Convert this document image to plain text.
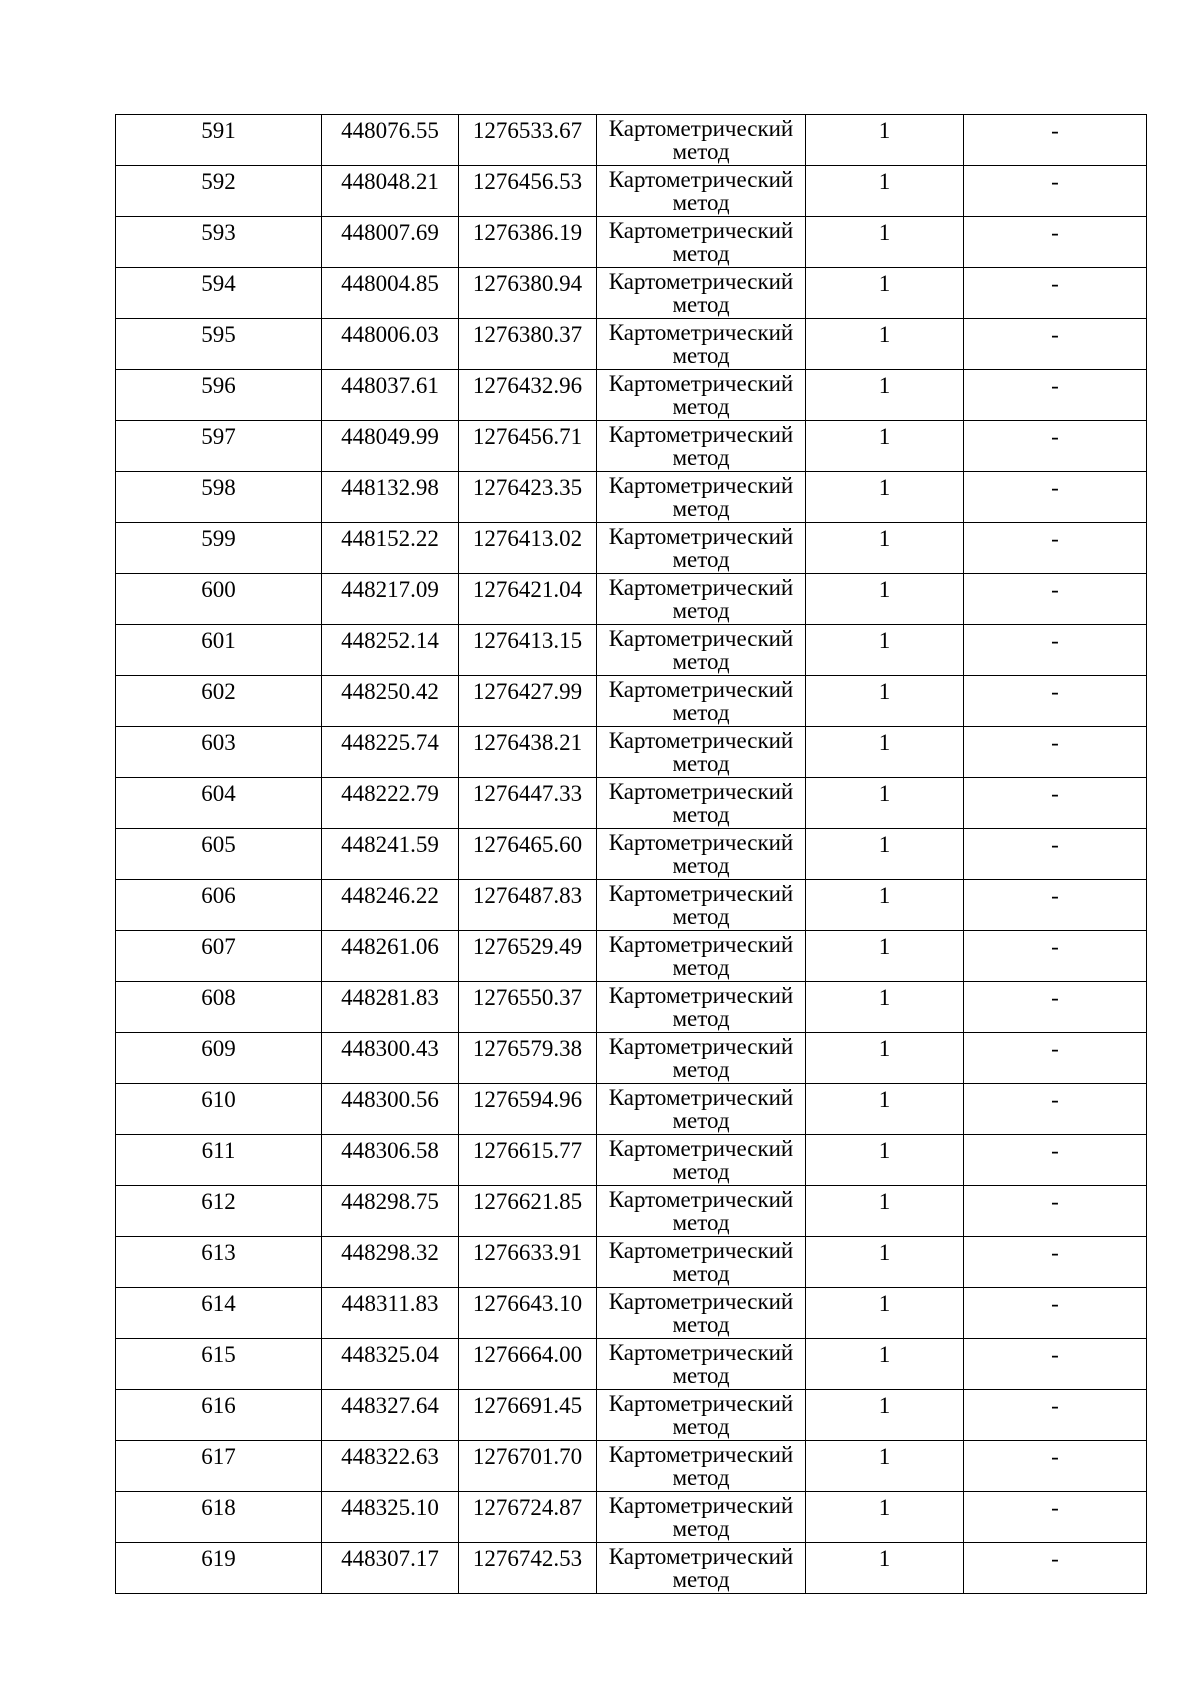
591	448076.55	1276533.67	Картометрический метод	1	-

592	448048.21	1276456.53	Картометрический метод	1	-

593	448007.69	1276386.19	Картометрический метод	1	-

594	448004.85	1276380.94	Картометрический метод	1	-

595	448006.03	1276380.37	Картометрический метод	1	-

596	448037.61	1276432.96	Картометрический метод	1	-

597	448049.99	1276456.71	Картометрический метод	1	-

598	448132.98	1276423.35	Картометрический метод	1	-

599	448152.22	1276413.02	Картометрический метод	1	-

600	448217.09	1276421.04	Картометрический метод	1	-

601	448252.14	1276413.15	Картометрический метод	1	-

602	448250.42	1276427.99	Картометрический метод	1	-

603	448225.74	1276438.21	Картометрический метод	1	-

604	448222.79	1276447.33	Картометрический метод	1	-

605	448241.59	1276465.60	Картометрический метод	1	-

606	448246.22	1276487.83	Картометрический метод	1	-

607	448261.06	1276529.49	Картометрический метод	1	-

608	448281.83	1276550.37	Картометрический метод	1	-

609	448300.43	1276579.38	Картометрический метод	1	-

610	448300.56	1276594.96	Картометрический метод	1	-

611	448306.58	1276615.77	Картометрический метод	1	-

612	448298.75	1276621.85	Картометрический метод	1	-

613	448298.32	1276633.91	Картометрический метод	1	-

614	448311.83	1276643.10	Картометрический метод	1	-

615	448325.04	1276664.00	Картометрический метод	1	-

616	448327.64	1276691.45	Картометрический метод	1	-

617	448322.63	1276701.70	Картометрический метод	1	-

618	448325.10	1276724.87	Картометрический метод	1	-

619	448307.17	1276742.53	Картометрический метод	1	-
